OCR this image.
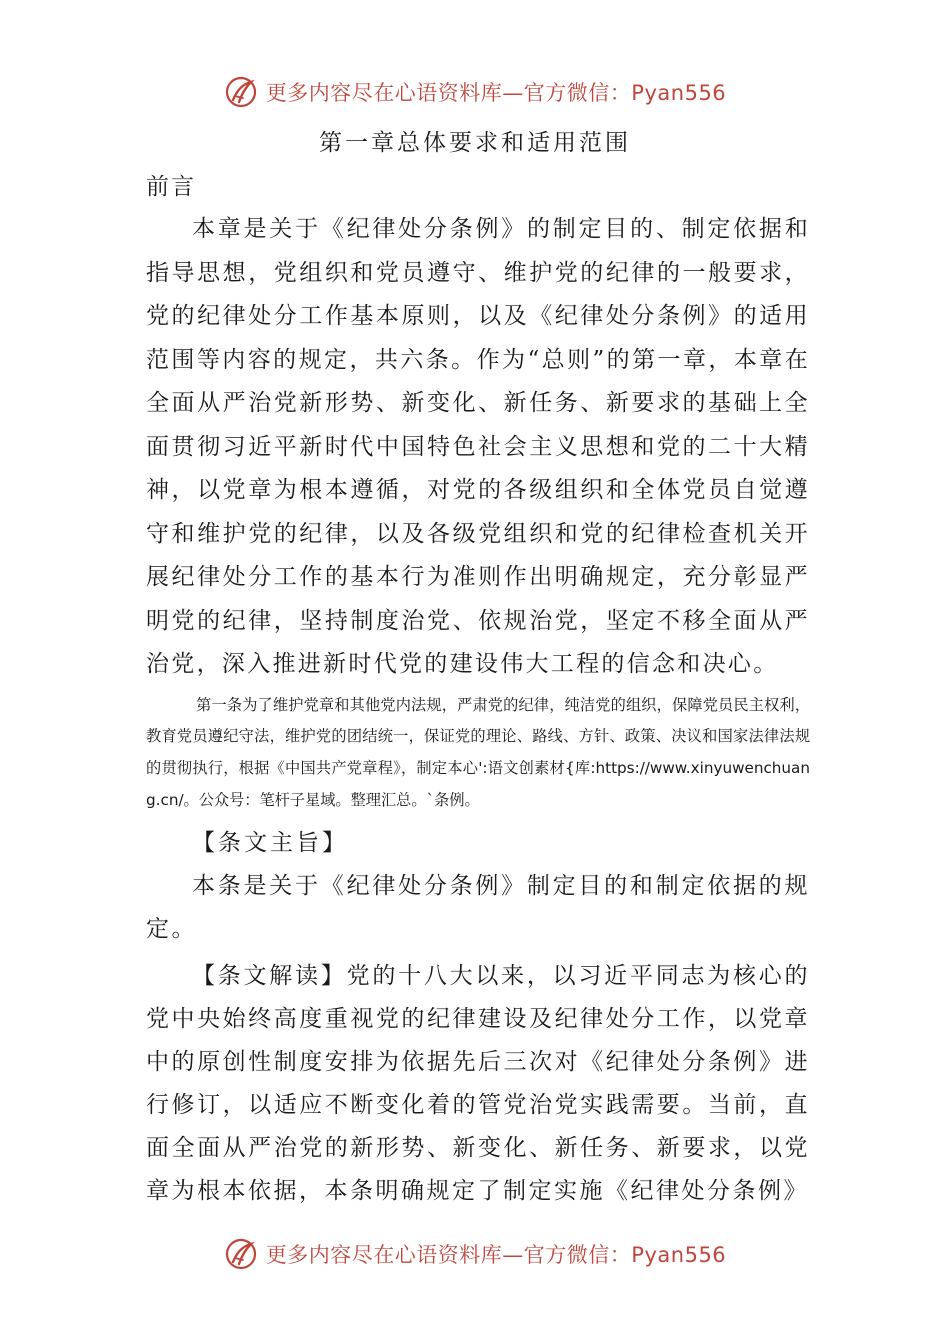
更多内容尽在心语资料库—官方微信：Pyan556
第一章总体要求和适用范围

前言

本章是关于《纪律处分条例》的制定目的、制定依据和指导思想，党组织和党员遵守、维护党的纪律的一般要求，党的纪律处分工作基本原则，以及《纪律处分条例》的适用范围等内容的规定，共六条。作为“总则”的第一章，本章在全面从严治党新形势、新变化、新任务、新要求的基础上全面贯彻习近平新时代中国特色社会主义思想和党的二十大精神，以党章为根本遵循，对党的各级组织和全体党员自觉遵守和维护党的纪律，以及各级党组织和党的纪律检查机关开展纪律处分工作的基本行为准则作出明确规定，充分彰显严明党的纪律，坚持制度治党、依规治党，坚定不移全面从严治党，深入推进新时代党的建设伟大工程的信念和决心。

第一条为了维护党章和其他党内法规，严肃党的纪律，纯洁党的组织，保障党员民主权利，教育党员遵纪守法，维护党的团结统一，保证党的理论、路线、方针、政策、决议和国家法律法规的贯彻执行，根据《中国共产党章程》，制定本心':语文创素材{库:https://www.xinyuwenchuang.cn/。公众号：笔杆子星域。整理汇总。`条例。

【条文主旨】

本条是关于《纪律处分条例》制定目的和制定依据的规定。

【条文解读】党的十八大以来，以习近平同志为核心的党中央始终高度重视党的纪律建设及纪律处分工作，以党章中的原创性制度安排为依据先后三次对《纪律处分条例》进行修订，以适应不断变化着的管党治党实践需要。当前，直面全面从严治党的新形势、新变化、新任务、新要求，以党章为根本依据，本条明确规定了制定实施《纪律处分条例》

更多内容尽在心语资料库—官方微信：Pyan556
